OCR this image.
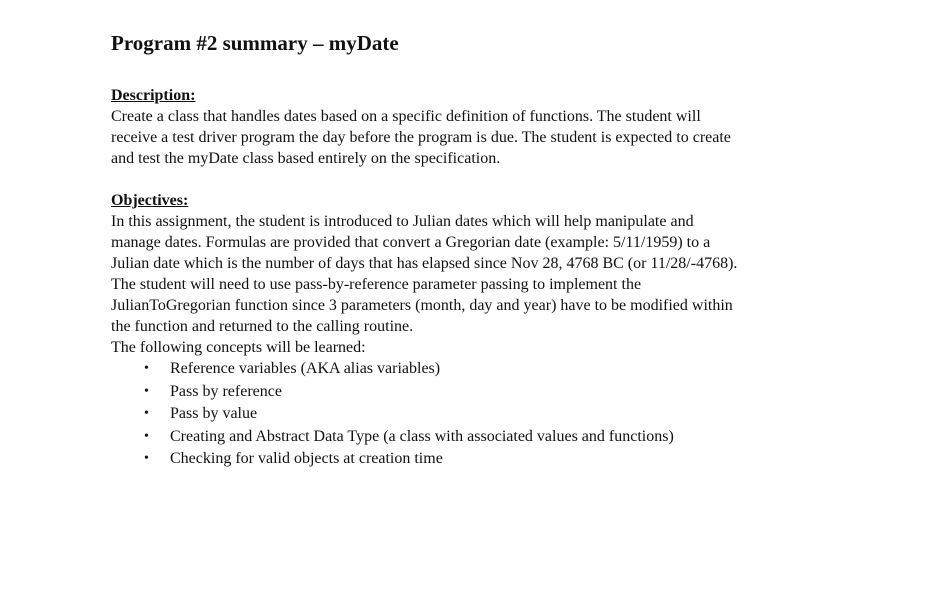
Program #2 summary – myDate
Description:

Create a class that handles dates based on a specific definition of functions. The student will
receive a test driver program the day before the program is due. The student is expected to create
and test the myDate class based entirely on the specification.

Objectives:

In this assignment, the student is introduced to Julian dates which will help manipulate and
manage dates. Formulas are provided that convert a Gregorian date (example: 5/11/1959) to a
Julian date which is the number of days that has elapsed since Nov 28, 4768 BC (or 11/28/-4768).
The student will need to use pass-by-reference parameter passing to implement the
JulianToGregorian function since 3 parameters (month, day and year) have to be modified within
the function and returned to the calling routine.
The following concepts will be learned:

• Reference variables (AKA alias variables)
• Pass by reference
• Pass by value
• Creating and Abstract Data Type (a class with associated values and functions)
• Checking for valid objects at creation time
